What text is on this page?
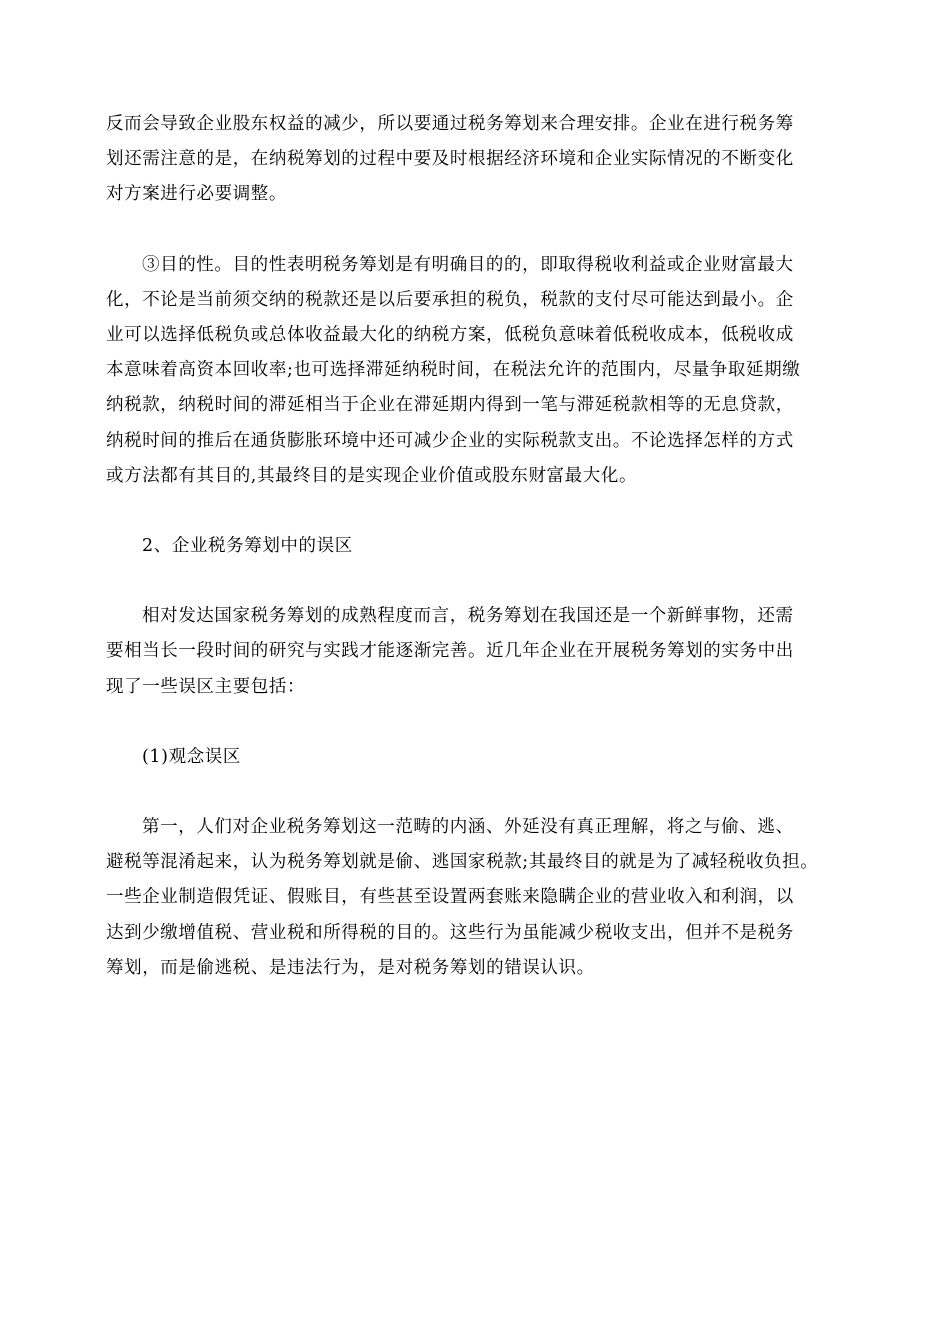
反而会导致企业股东权益的减少，所以要通过税务筹划来合理安排。企业在进行税务筹
划还需注意的是，在纳税筹划的过程中要及时根据经济环境和企业实际情况的不断变化
对方案进行必要调整。
③目的性。目的性表明税务筹划是有明确目的的，即取得税收利益或企业财富最大
化，不论是当前须交纳的税款还是以后要承担的税负，税款的支付尽可能达到最小。企
业可以选择低税负或总体收益最大化的纳税方案，低税负意味着低税收成本，低税收成
本意味着高资本回收率;也可选择滞延纳税时间，在税法允许的范围内，尽量争取延期缴
纳税款，纳税时间的滞延相当于企业在滞延期内得到一笔与滞延税款相等的无息贷款，
纳税时间的推后在通货膨胀环境中还可减少企业的实际税款支出。不论选择怎样的方式
或方法都有其目的,其最终目的是实现企业价值或股东财富最大化。
2、企业税务筹划中的误区
相对发达国家税务筹划的成熟程度而言，税务筹划在我国还是一个新鲜事物，还需
要相当长一段时间的研究与实践才能逐渐完善。近几年企业在开展税务筹划的实务中出
现了一些误区主要包括：
(1)观念误区
第一，人们对企业税务筹划这一范畴的内涵、外延没有真正理解，将之与偷、逃、
避税等混淆起来，认为税务筹划就是偷、逃国家税款;其最终目的就是为了减轻税收负担。
一些企业制造假凭证、假账目，有些甚至设置两套账来隐瞒企业的营业收入和利润，以
达到少缴增值税、营业税和所得税的目的。这些行为虽能减少税收支出，但并不是税务
筹划，而是偷逃税、是违法行为，是对税务筹划的错误认识。
